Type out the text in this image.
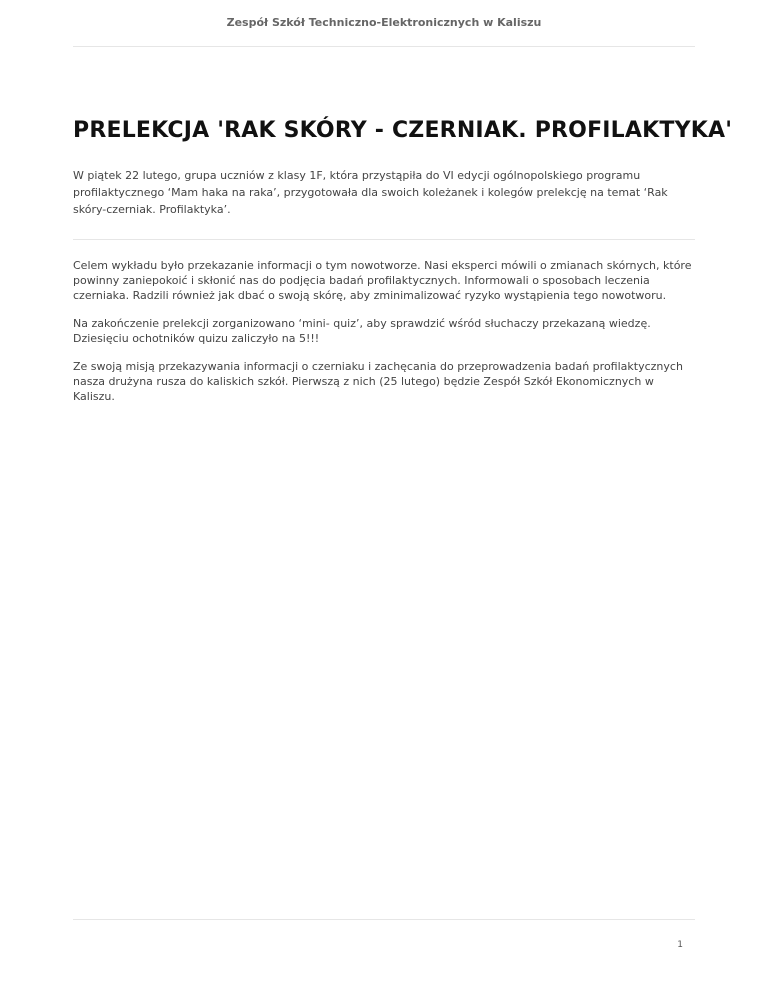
Zespół Szkół Techniczno-Elektronicznych w Kaliszu
PRELEKCJA 'RAK SKÓRY - CZERNIAK. PROFILAKTYKA'

W piątek 22 lutego, grupa uczniów z klasy 1F, która przystąpiła do VI edycji ogólnopolskiego programu profilaktycznego ‘Mam haka na raka’, przygotowała dla swoich koleżanek i kolegów prelekcję na temat ‘Rak skóry-czerniak. Profilaktyka’.

Celem wykładu było przekazanie informacji o tym nowotworze. Nasi eksperci mówili o zmianach skórnych, które powinny zaniepokoić i skłonić nas do podjęcia badań profilaktycznych. Informowali o sposobach leczenia czerniaka. Radzili również jak dbać o swoją skórę, aby zminimalizować ryzyko wystąpienia tego nowotworu.

Na zakończenie prelekcji zorganizowano ‘mini- quiz’, aby sprawdzić wśród słuchaczy przekazaną wiedzę. Dziesięciu ochotników quizu zaliczyło na 5!!!

Ze swoją misją przekazywania informacji o czerniaku i zachęcania do przeprowadzenia badań profilaktycznych nasza drużyna rusza do kaliskich szkół. Pierwszą z nich (25 lutego) będzie Zespół Szkół Ekonomicznych w Kaliszu.

1
